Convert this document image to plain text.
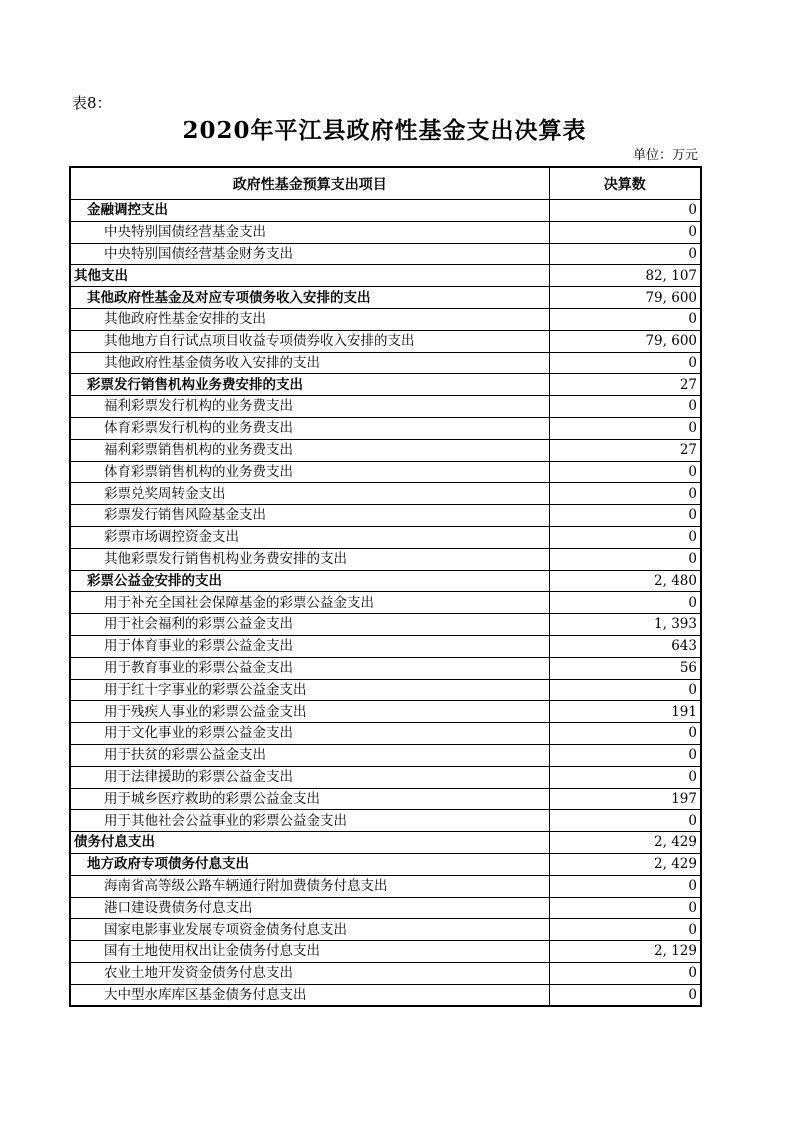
表8：
2020年平江县政府性基金支出决算表
单位：万元
政府性基金预算支出项目	决算数
金融调控支出	0
中央特别国债经营基金支出	0
中央特别国债经营基金财务支出	0
其他支出	82, 107
其他政府性基金及对应专项债务收入安排的支出	79, 600
其他政府性基金安排的支出	0
其他地方自行试点项目收益专项债券收入安排的支出	79, 600
其他政府性基金债务收入安排的支出	0
彩票发行销售机构业务费安排的支出	27
福利彩票发行机构的业务费支出	0
体育彩票发行机构的业务费支出	0
福利彩票销售机构的业务费支出	27
体育彩票销售机构的业务费支出	0
彩票兑奖周转金支出	0
彩票发行销售风险基金支出	0
彩票市场调控资金支出	0
其他彩票发行销售机构业务费安排的支出	0
彩票公益金安排的支出	2, 480
用于补充全国社会保障基金的彩票公益金支出	0
用于社会福利的彩票公益金支出	1, 393
用于体育事业的彩票公益金支出	643
用于教育事业的彩票公益金支出	56
用于红十字事业的彩票公益金支出	0
用于残疾人事业的彩票公益金支出	191
用于文化事业的彩票公益金支出	0
用于扶贫的彩票公益金支出	0
用于法律援助的彩票公益金支出	0
用于城乡医疗救助的彩票公益金支出	197
用于其他社会公益事业的彩票公益金支出	0
债务付息支出	2, 429
地方政府专项债务付息支出	2, 429
海南省高等级公路车辆通行附加费债务付息支出	0
港口建设费债务付息支出	0
国家电影事业发展专项资金债务付息支出	0
国有土地使用权出让金债务付息支出	2, 129
农业土地开发资金债务付息支出	0
大中型水库库区基金债务付息支出	0
